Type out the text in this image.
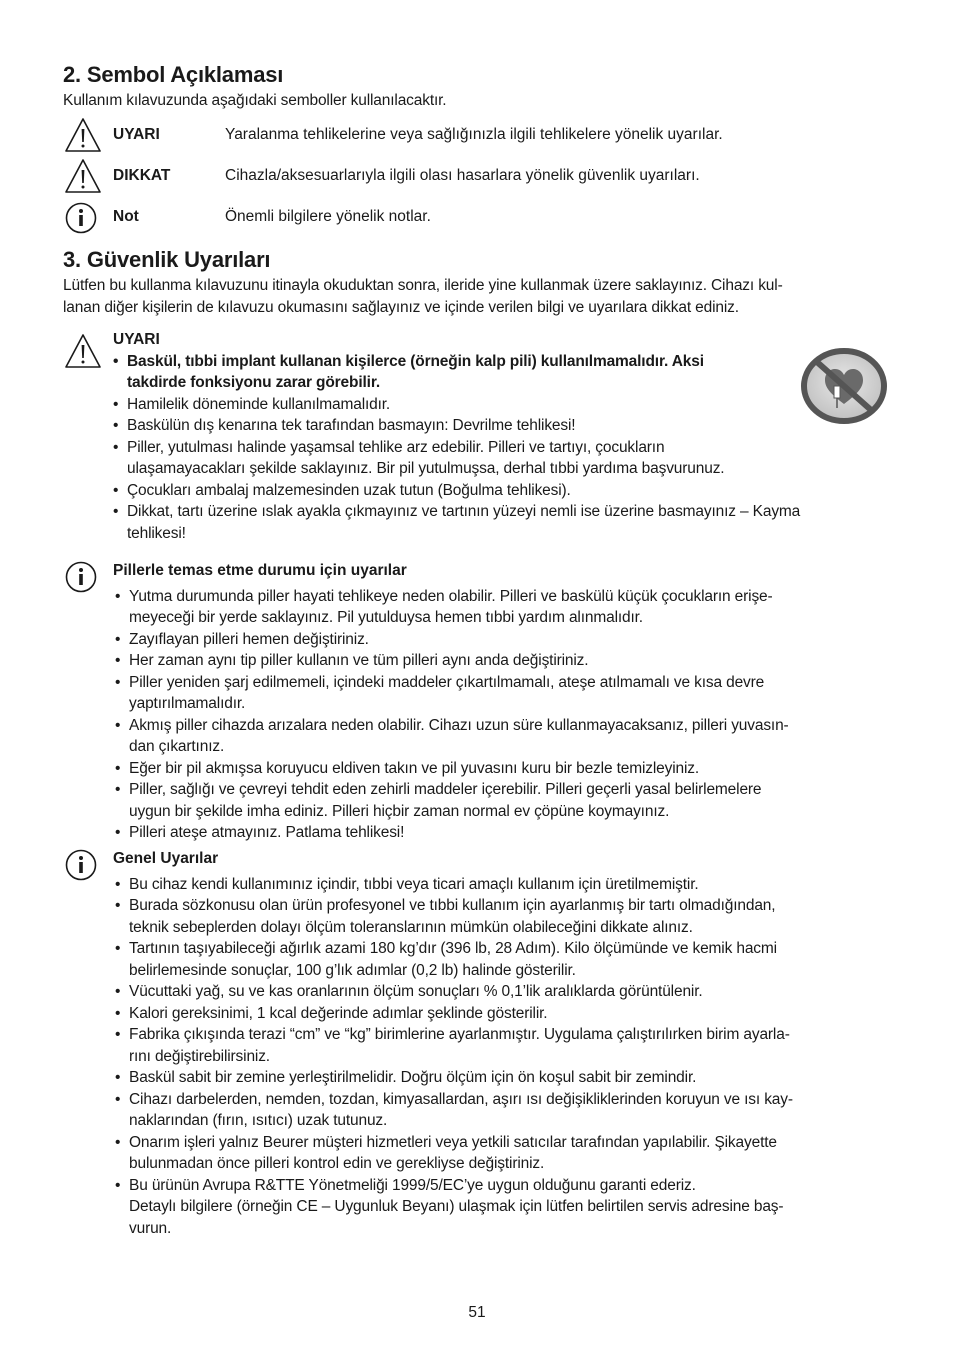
2. Sembol Açıklaması
Kullanım kılavuzunda aşağıdaki semboller kullanılacaktır.
UYARI	Yaralanma tehlikelerine veya sağlığınızla ilgili tehlikelere yönelik uyarılar.
DIKKAT	Cihazla/aksesuarlarıyla ilgili olası hasarlara yönelik güvenlik uyarıları.
Not	Önemli bilgilere yönelik notlar.
3. Güvenlik Uyarıları
Lütfen bu kullanma kılavuzunu itinayla okuduktan sonra, ileride yine kullanmak üzere saklayınız. Cihazı kul-
lanan diğer kişilerin de kılavuzu okumasını sağlayınız ve içinde verilen bilgi ve uyarılara dikkat ediniz.
UYARI
• Baskül, tıbbi implant kullanan kişilerce (örneğin kalp pili) kullanılmamalıdır. Aksi
takdirde fonksiyonu zarar görebilir.
• Hamilelik döneminde kullanılmamalıdır.
• Baskülün dış kenarına tek tarafından basmayın: Devrilme tehlikesi!
• Piller, yutulması halinde yaşamsal tehlike arz edebilir. Pilleri ve tartıyı, çocukların
ulaşamayacakları şekilde saklayınız. Bir pil yutulmuşsa, derhal tıbbi yardıma başvurunuz.
• Çocukları ambalaj malzemesinden uzak tutun (Boğulma tehlikesi).
• Dikkat, tartı üzerine ıslak ayakla çıkmayınız ve tartının yüzeyi nemli ise üzerine basmayınız – Kayma
tehlikesi!
Pillerle temas etme durumu için uyarılar
• Yutma durumunda piller hayati tehlikeye neden olabilir. Pilleri ve baskülü küçük çocukların erişe-
meyeceği bir yerde saklayınız. Pil yutulduysa hemen tıbbi yardım alınmalıdır.
• Zayıflayan pilleri hemen değiştiriniz.
• Her zaman aynı tip piller kullanın ve tüm pilleri aynı anda değiştiriniz.
• Piller yeniden şarj edilmemeli, içindeki maddeler çıkartılmamalı, ateşe atılmamalı ve kısa devre
yaptırılmamalıdır.
• Akmış piller cihazda arızalara neden olabilir. Cihazı uzun süre kullanmayacaksanız, pilleri yuvasın-
dan çıkartınız.
• Eğer bir pil akmışsa koruyucu eldiven takın ve pil yuvasını kuru bir bezle temizleyiniz.
• Piller, sağlığı ve çevreyi tehdit eden zehirli maddeler içerebilir. Pilleri geçerli yasal belirlemelere
uygun bir şekilde imha ediniz. Pilleri hiçbir zaman normal ev çöpüne koymayınız.
• Pilleri ateşe atmayınız. Patlama tehlikesi!
Genel Uyarılar
• Bu cihaz kendi kullanımınız içindir, tıbbi veya ticari amaçlı kullanım için üretilmemiştir.
• Burada sözkonusu olan ürün profesyonel ve tıbbi kullanım için ayarlanmış bir tartı olmadığından,
teknik sebeplerden dolayı ölçüm toleranslarının mümkün olabileceğini dikkate alınız.
• Tartının taşıyabileceği ağırlık azami 180 kg’dır (396 lb, 28 Adım). Kilo ölçümünde ve kemik hacmi
belirlemesinde sonuçlar, 100 g’lık adımlar (0,2 lb) halinde gösterilir.
• Vücuttaki yağ, su ve kas oranlarının ölçüm sonuçları % 0,1’lik aralıklarda görüntülenir.
• Kalori gereksinimi, 1 kcal değerinde adımlar şeklinde gösterilir.
• Fabrika çıkışında terazi “cm” ve “kg” birimlerine ayarlanmıştır. Uygulama çalıştırılırken birim ayarla-
rını değiştirebilirsiniz.
• Baskül sabit bir zemine yerleştirilmelidir. Doğru ölçüm için ön koşul sabit bir zemindir.
• Cihazı darbelerden, nemden, tozdan, kimyasallardan, aşırı ısı değişikliklerinden koruyun ve ısı kay-
naklarından (fırın, ısıtıcı) uzak tutunuz.
• Onarım işleri yalnız Beurer müşteri hizmetleri veya yetkili satıcılar tarafından yapılabilir. Şikayette
bulunmadan önce pilleri kontrol edin ve gerekliyse değiştiriniz.
• Bu ürünün Avrupa R&TTE Yönetmeliği 1999/5/EC’ye uygun olduğunu garanti ederiz.
Detaylı bilgilere (örneğin CE – Uygunluk Beyanı) ulaşmak için lütfen belirtilen servis adresine baş-
vurun.
51
